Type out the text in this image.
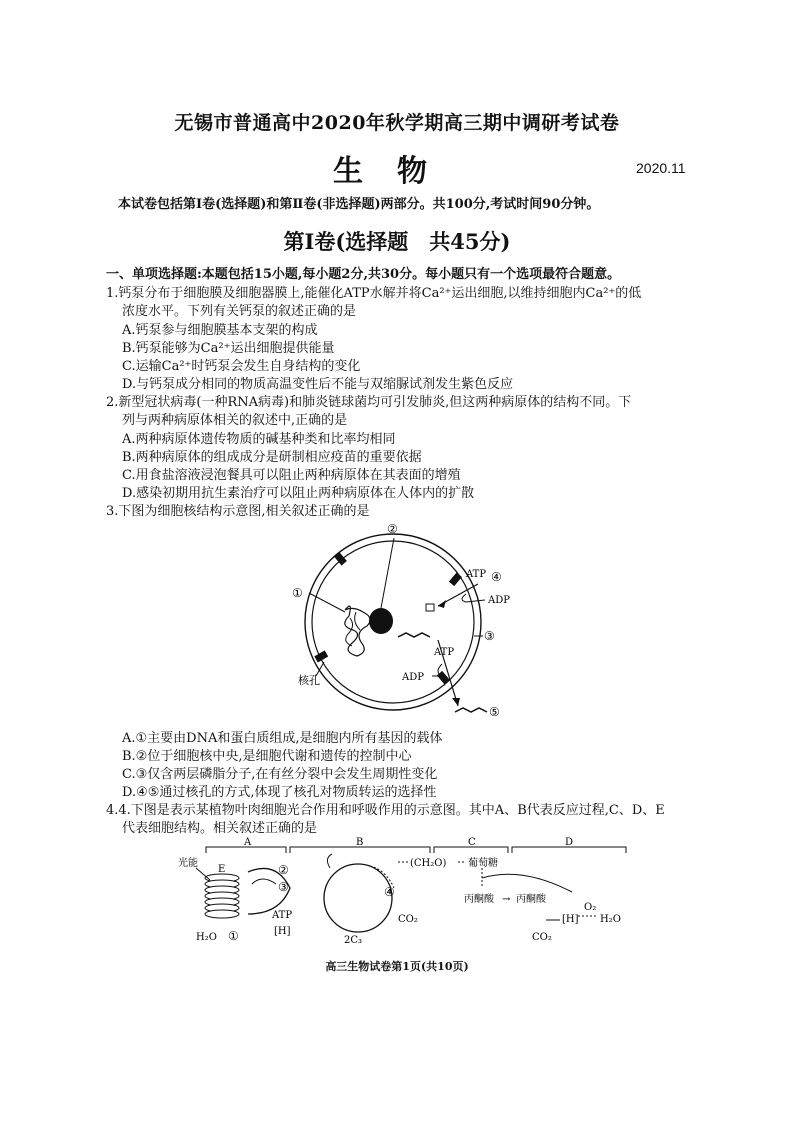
无锡市普通高中2020年秋学期高三期中调研考试卷
生物	2020.11
本试卷包括第Ⅰ卷(选择题)和第Ⅱ卷(非选择题)两部分。共100分,考试时间90分钟。
第Ⅰ卷(选择题　共45分)
一、单项选择题:本题包括15小题,每小题2分,共30分。每小题只有一个选项最符合题意。
1.钙泵分布于细胞膜及细胞器膜上,能催化ATP水解并将Ca²⁺运出细胞,以维持细胞内Ca²⁺的低
浓度水平。下列有关钙泵的叙述正确的是
A.钙泵参与细胞膜基本支架的构成
B.钙泵能够为Ca²⁺运出细胞提供能量
C.运输Ca²⁺时钙泵会发生自身结构的变化
D.与钙泵成分相同的物质高温变性后不能与双缩脲试剂发生紫色反应
2.新型冠状病毒(一种RNA病毒)和肺炎链球菌均可引发肺炎,但这两种病原体的结构不同。下
列与两种病原体相关的叙述中,正确的是
A.两种病原体遗传物质的碱基种类和比率均相同
B.两种病原体的组成成分是研制相应疫苗的重要依据
C.用食盐溶液浸泡餐具可以阻止两种病原体在其表面的增殖
D.感染初期用抗生素治疗可以阻止两种病原体在人体内的扩散
3.下图为细胞核结构示意图,相关叙述正确的是
②
①
③
④
⑤
核孔
ATP
ADP
ATP
ADP
A.①主要由DNA和蛋白质组成,是细胞内所有基因的载体
B.②位于细胞核中央,是细胞代谢和遗传的控制中心
C.③仅含两层磷脂分子,在有丝分裂中会发生周期性变化
D.④⑤通过核孔的方式,体现了核孔对物质转运的选择性
4.4.下图是表示某植物叶肉细胞光合作用和呼吸作用的示意图。其中A、B代表反应过程,C、D、E
代表细胞结构。相关叙述正确的是
A	B	C	D
光能
E
H₂O ①
②
③	④
ATP
[H]
CO₂
2C₃
(CH₂O) 葡萄糖
丙酮酸 → 丙酮酸
[H]
O₂
H₂O
CO₂
高三生物试卷第1页(共10页)
